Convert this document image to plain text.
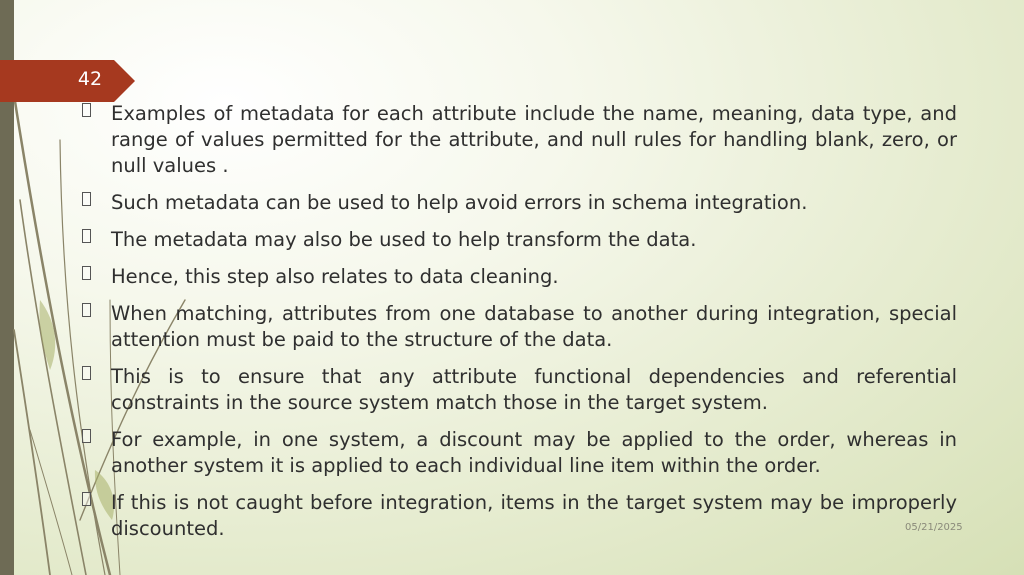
42
Examples of metadata for each attribute include the name, meaning, data type, and range of values permitted for the attribute, and null rules for handling blank, zero, or null values .
Such metadata can be used to help avoid errors in schema integration.
The metadata may also be used to help transform the data.
Hence, this step also relates to data cleaning.
When matching, attributes from one database to another during integration, special attention must be paid to the structure of the data.
This is to ensure that any attribute functional dependencies and referential constraints in the source system match those in the target system.
For example, in one system, a discount may be applied to the order, whereas in another system it is applied to each individual line item within the order.
If this is not caught before integration, items in the target system may be improperly discounted.	05/21/2025
